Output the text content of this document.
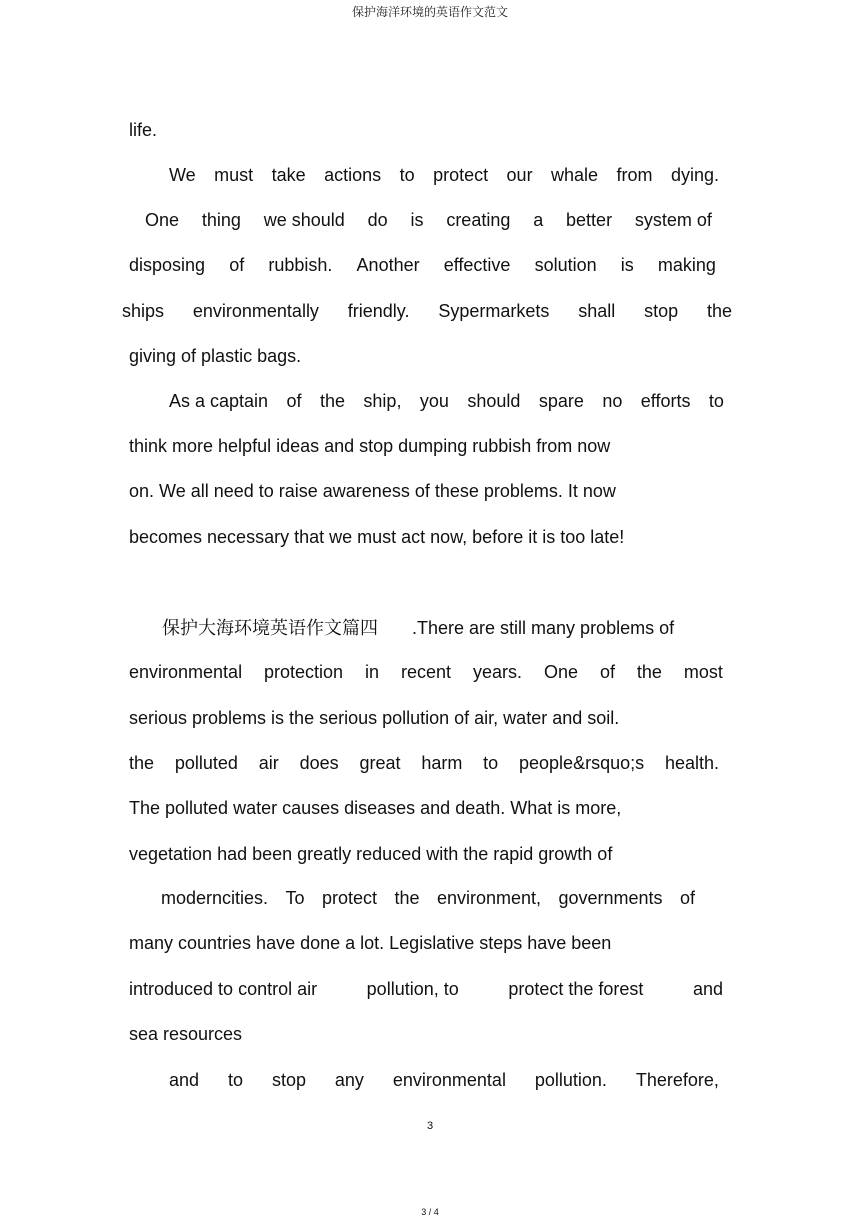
保护海洋环境的英语作文范文
life.
We must take actions to protect our whale from dying.
One thing we should do is creating a better system of
disposing of rubbish. Another effective solution is making
ships environmentally friendly. Sypermarkets shall stop the
giving of plastic bags.
As a captain of the ship, you should spare no efforts to
think more helpful ideas and stop dumping rubbish from now
on. We all need to raise awareness of these problems. It now
becomes necessary that we must act now, before it is too late!
保护大海环境英语作文篇四 .There are still many problems of
environmental protection in recent years. One of the most
serious problems is the serious pollution of air, water and soil.
the polluted air does great harm to people&rsquo;s health.
The polluted water causes diseases and death. What is more,
vegetation had been greatly reduced with the rapid growth of
moderncities. To protect the environment, governments of
many countries have done a lot. Legislative steps have been
introduced to control air	pollution, to	protect the forest	and
sea resources
and to stop any environmental pollution. Therefore,
3
3 / 4
